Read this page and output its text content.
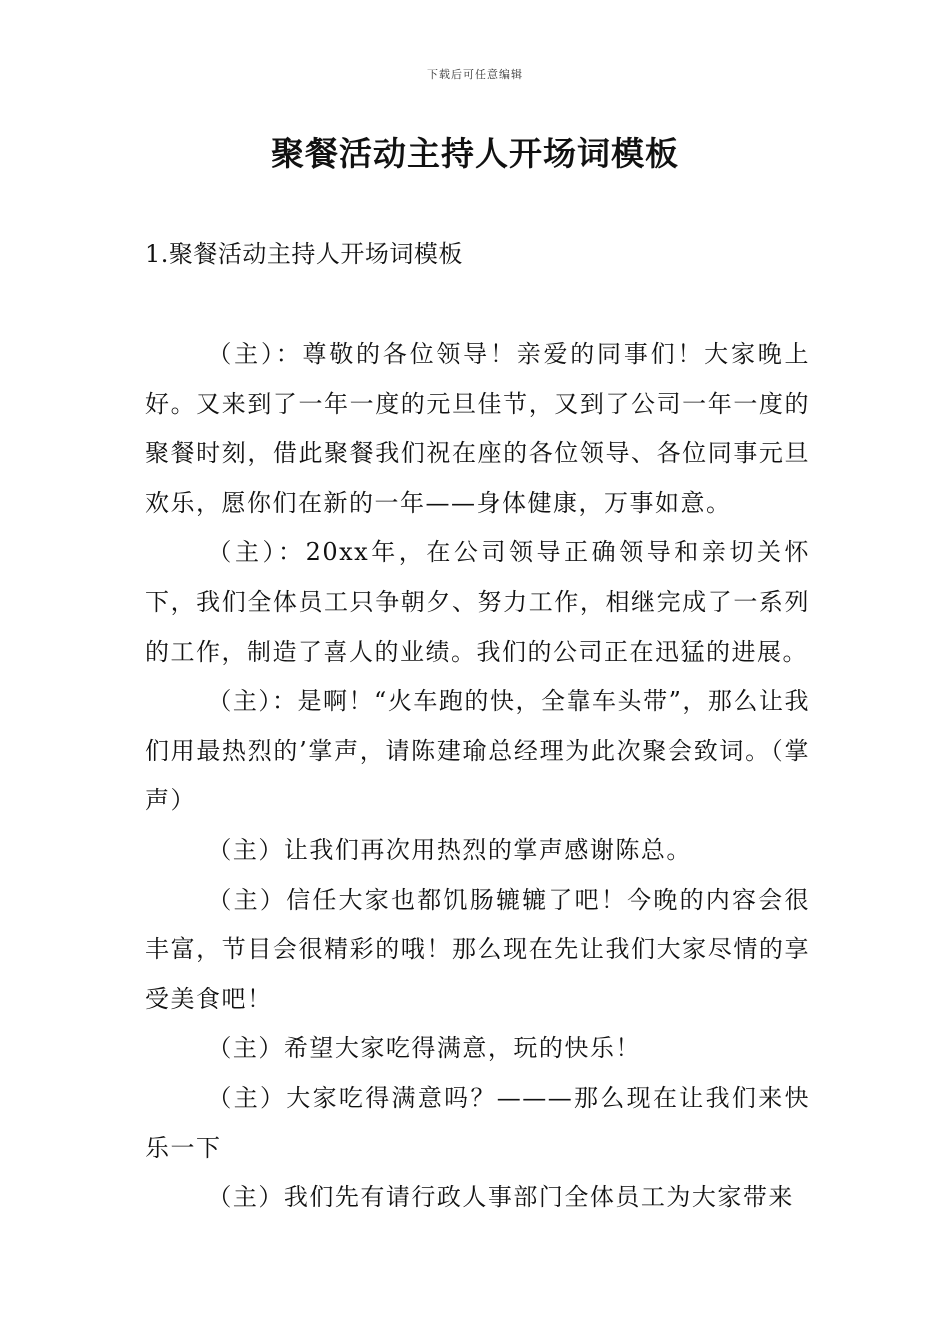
下载后可任意编辑
聚餐活动主持人开场词模板
1.聚餐活动主持人开场词模板

（主）：尊敬的各位领导！亲爱的同事们！大家晚上好。又来到了一年一度的元旦佳节，又到了公司一年一度的聚餐时刻，借此聚餐我们祝在座的各位领导、各位同事元旦欢乐，愿你们在新的一年——身体健康，万事如意。

（主）：20xx年，在公司领导正确领导和亲切关怀下，我们全体员工只争朝夕、努力工作，相继完成了一系列的工作，制造了喜人的业绩。我们的公司正在迅猛的进展。

（主）：是啊！“火车跑的快，全靠车头带”，那么让我们用最热烈的’掌声，请陈建瑜总经理为此次聚会致词。（掌声）

（主）让我们再次用热烈的掌声感谢陈总。

（主）信任大家也都饥肠辘辘了吧！今晚的内容会很丰富，节目会很精彩的哦！那么现在先让我们大家尽情的享受美食吧！

（主）希望大家吃得满意，玩的快乐！

（主）大家吃得满意吗？———那么现在让我们来快乐一下

（主）我们先有请行政人事部门全体员工为大家带来
